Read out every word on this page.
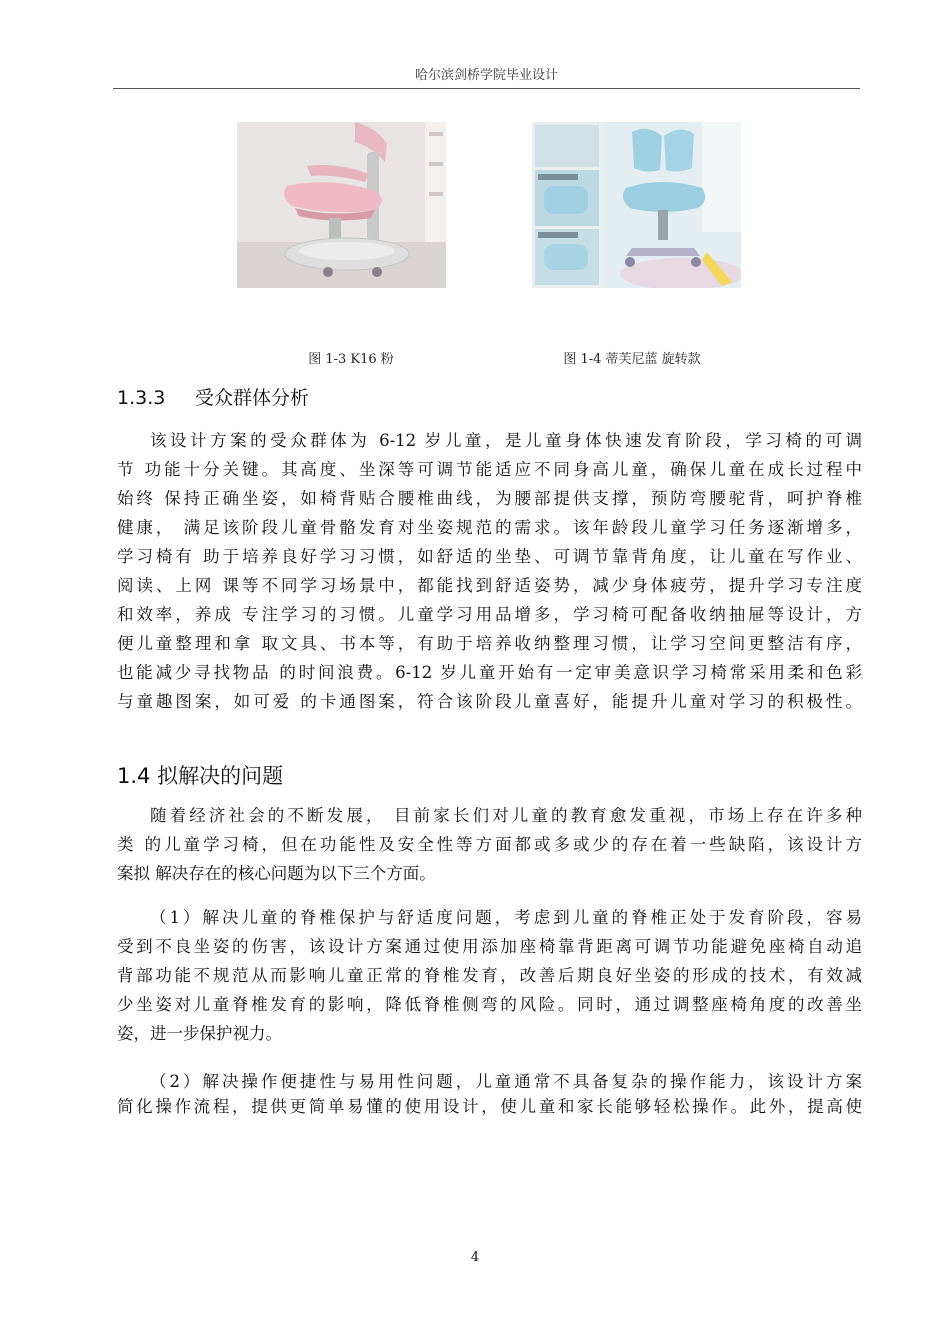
哈尔滨剑桥学院毕业设计
图 1-3 K16 粉	图 1-4 蒂芙尼蓝 旋转款
1.3.3 受众群体分析
该设计方案的受众群体为 6-12 岁儿童，是儿童身体快速发育阶段，学习椅的可调
节 功能十分关键。其高度、坐深等可调节能适应不同身高儿童，确保儿童在成长过程中
始终 保持正确坐姿，如椅背贴合腰椎曲线，为腰部提供支撑，预防弯腰驼背，呵护脊椎
健康， 满足该阶段儿童骨骼发育对坐姿规范的需求。该年龄段儿童学习任务逐渐增多，
学习椅有 助于培养良好学习习惯，如舒适的坐垫、可调节靠背角度，让儿童在写作业、
阅读、上网 课等不同学习场景中，都能找到舒适姿势，减少身体疲劳，提升学习专注度
和效率，养成 专注学习的习惯。儿童学习用品增多，学习椅可配备收纳抽屉等设计，方
便儿童整理和拿 取文具、书本等，有助于培养收纳整理习惯，让学习空间更整洁有序，
也能减少寻找物品 的时间浪费。6-12 岁儿童开始有一定审美意识学习椅常采用柔和色彩
与童趣图案，如可爱 的卡通图案，符合该阶段儿童喜好，能提升儿童对学习的积极性。
1.4 拟解决的问题
随着经济社会的不断发展， 目前家长们对儿童的教育愈发重视，市场上存在许多种
类 的儿童学习椅，但在功能性及安全性等方面都或多或少的存在着一些缺陷，该设计方
案拟 解决存在的核心问题为以下三个方面。
（1）解决儿童的脊椎保护与舒适度问题，考虑到儿童的脊椎正处于发育阶段，容易
受到不良坐姿的伤害，该设计方案通过使用添加座椅靠背距离可调节功能避免座椅自动追
背部功能不规范从而影响儿童正常的脊椎发育，改善后期良好坐姿的形成的技术，有效减
少坐姿对儿童脊椎发育的影响，降低脊椎侧弯的风险。同时，通过调整座椅角度的改善坐
姿，进一步保护视力。
（2）解决操作便捷性与易用性问题，儿童通常不具备复杂的操作能力，该设计方案
简化操作流程，提供更简单易懂的使用设计，使儿童和家长能够轻松操作。此外，提高使
4
